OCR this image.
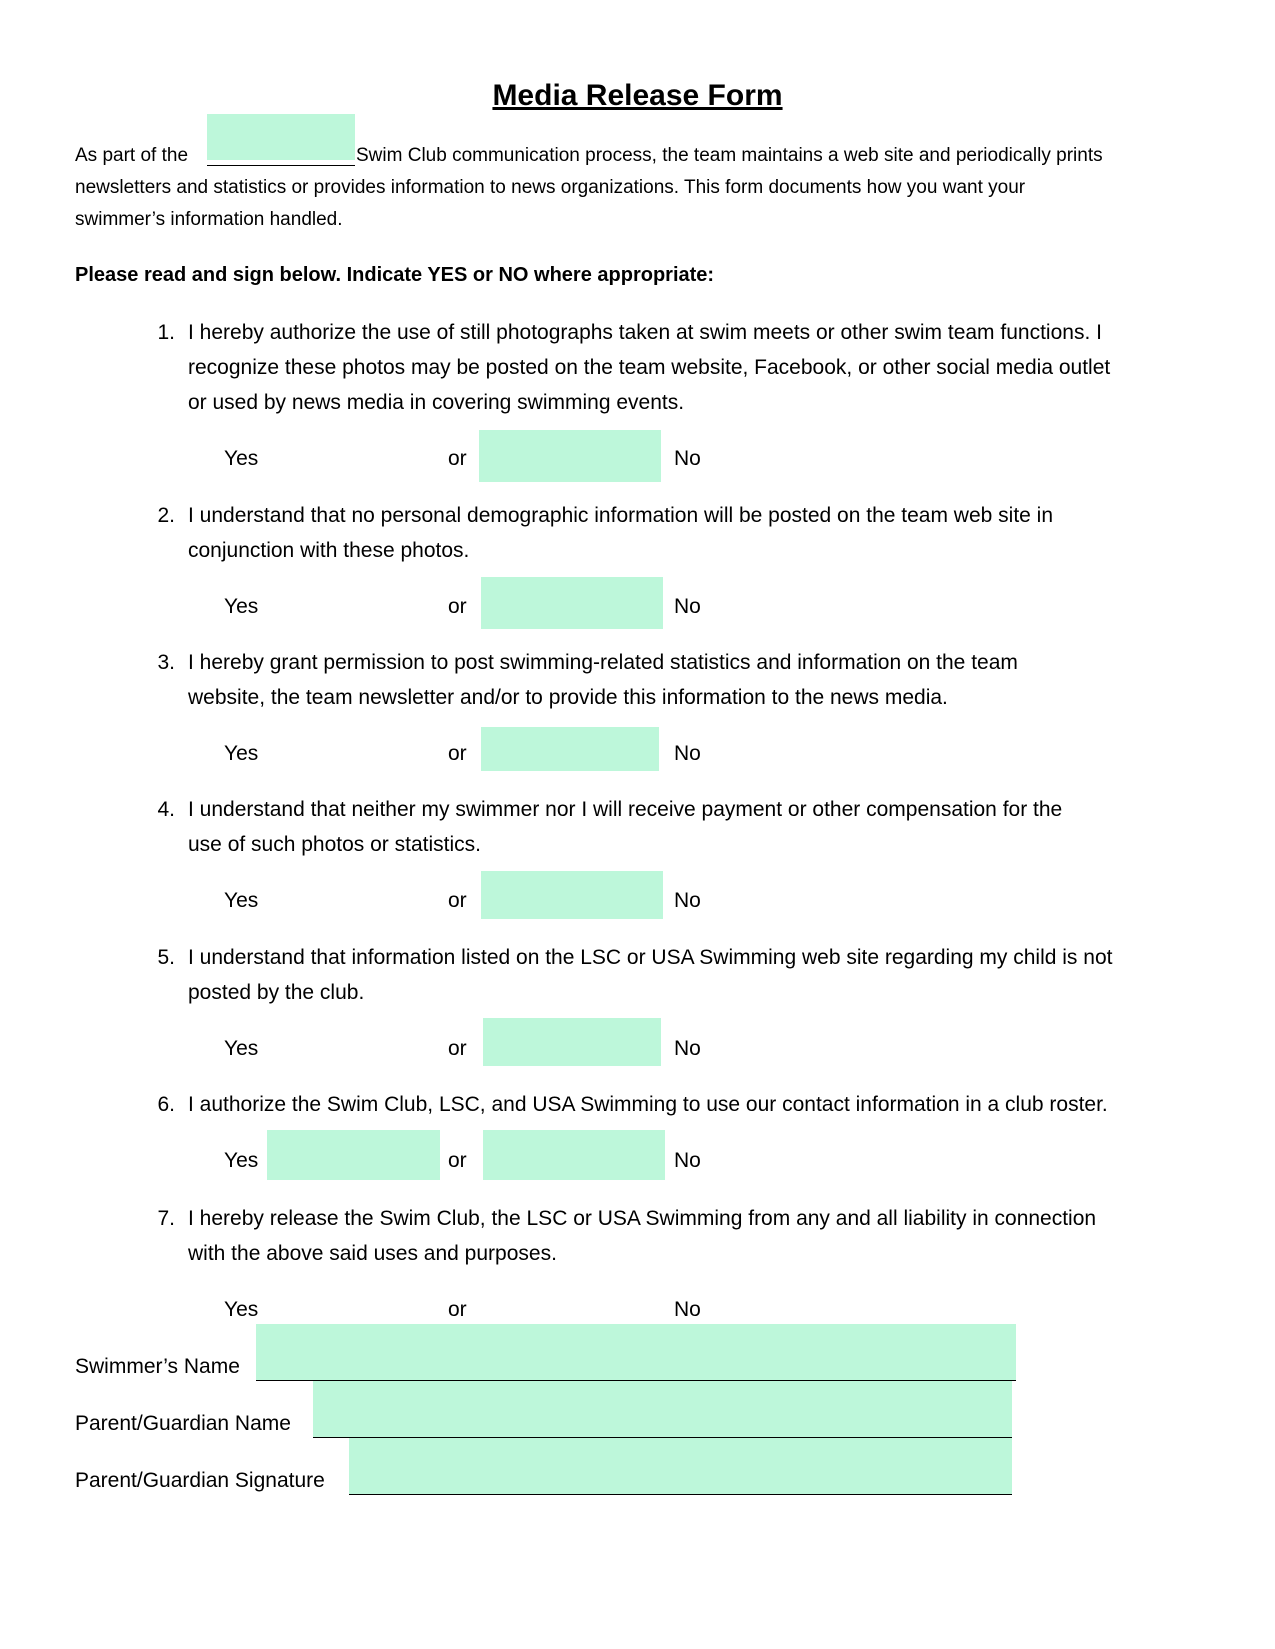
Media Release Form
As part of the	Swim Club communication process, the team maintains a web site and periodically prints
newsletters and statistics or provides information to news organizations. This form documents how you want your
swimmer’s information handled.
Please read and sign below. Indicate YES or NO where appropriate:
1. I hereby authorize the use of still photographs taken at swim meets or other swim team functions. I
recognize these photos may be posted on the team website, Facebook, or other social media outlet
or used by news media in covering swimming events.
Yes	or	No
2. I understand that no personal demographic information will be posted on the team web site in
conjunction with these photos.
Yes	or	No
3. I hereby grant permission to post swimming-related statistics and information on the team
website, the team newsletter and/or to provide this information to the news media.
Yes	or	No
4. I understand that neither my swimmer nor I will receive payment or other compensation for the
use of such photos or statistics.
Yes	or	No
5. I understand that information listed on the LSC or USA Swimming web site regarding my child is not
posted by the club.
Yes	or	No
6. I authorize the Swim Club, LSC, and USA Swimming to use our contact information in a club roster.
Yes	or	No
7. I hereby release the Swim Club, the LSC or USA Swimming from any and all liability in connection
with the above said uses and purposes.
Yes	or	No
Swimmer’s Name
Parent/Guardian Name
Parent/Guardian Signature
